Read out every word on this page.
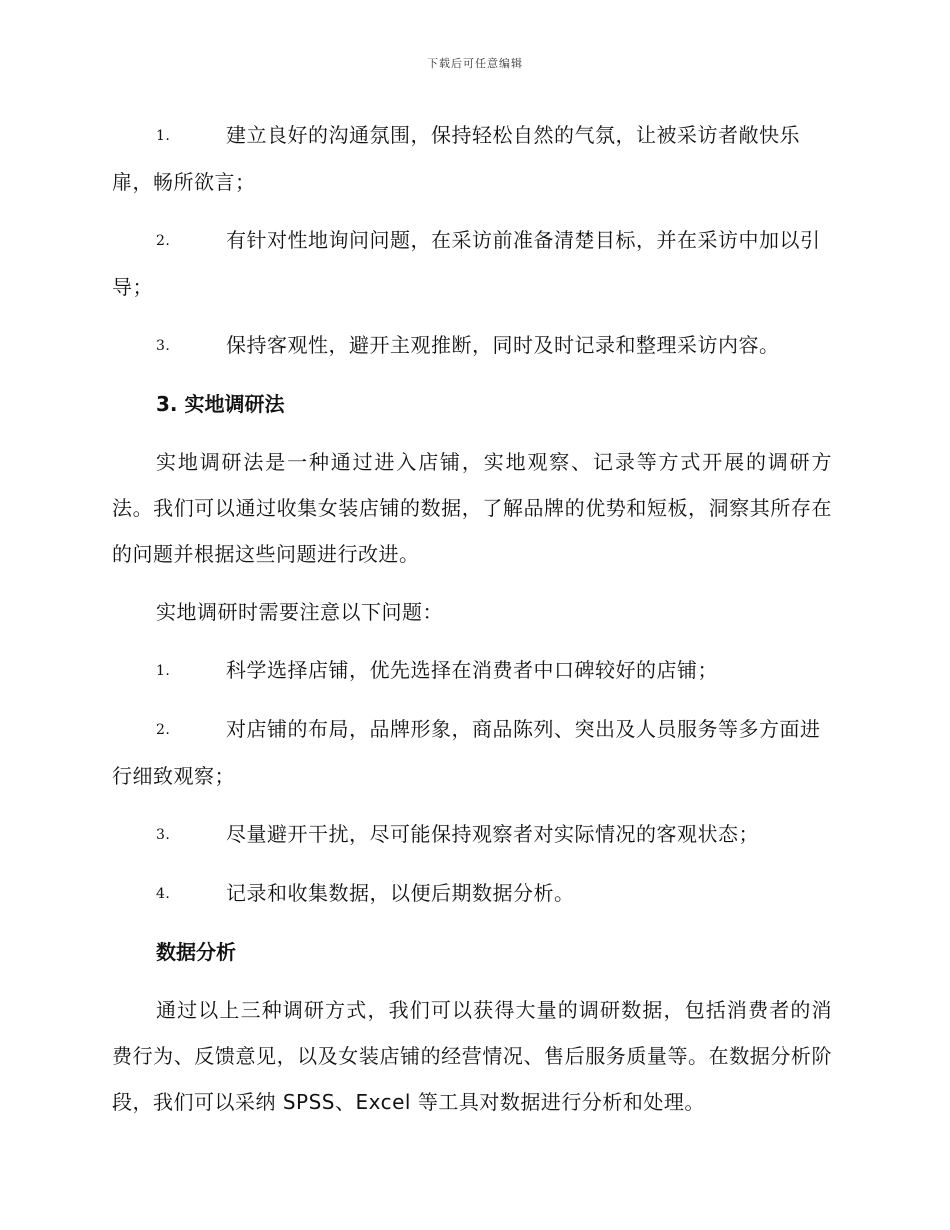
下载后可任意编辑
1.	建立良好的沟通氛围，保持轻松自然的气氛，让被采访者敞快乐扉，畅所欲言；
2.	有针对性地询问问题，在采访前准备清楚目标，并在采访中加以引导；
3.	保持客观性，避开主观推断，同时及时记录和整理采访内容。
3. 实地调研法
实地调研法是一种通过进入店铺，实地观察、记录等方式开展的调研方法。我们可以通过收集女装店铺的数据，了解品牌的优势和短板，洞察其所存在的问题并根据这些问题进行改进。
实地调研时需要注意以下问题：
1.	科学选择店铺，优先选择在消费者中口碑较好的店铺；
2.	对店铺的布局，品牌形象，商品陈列、突出及人员服务等多方面进行细致观察；
3.	尽量避开干扰，尽可能保持观察者对实际情况的客观状态；
4.	记录和收集数据，以便后期数据分析。
数据分析
通过以上三种调研方式，我们可以获得大量的调研数据，包括消费者的消费行为、反馈意见，以及女装店铺的经营情况、售后服务质量等。在数据分析阶段，我们可以采纳 SPSS、Excel 等工具对数据进行分析和处理。
